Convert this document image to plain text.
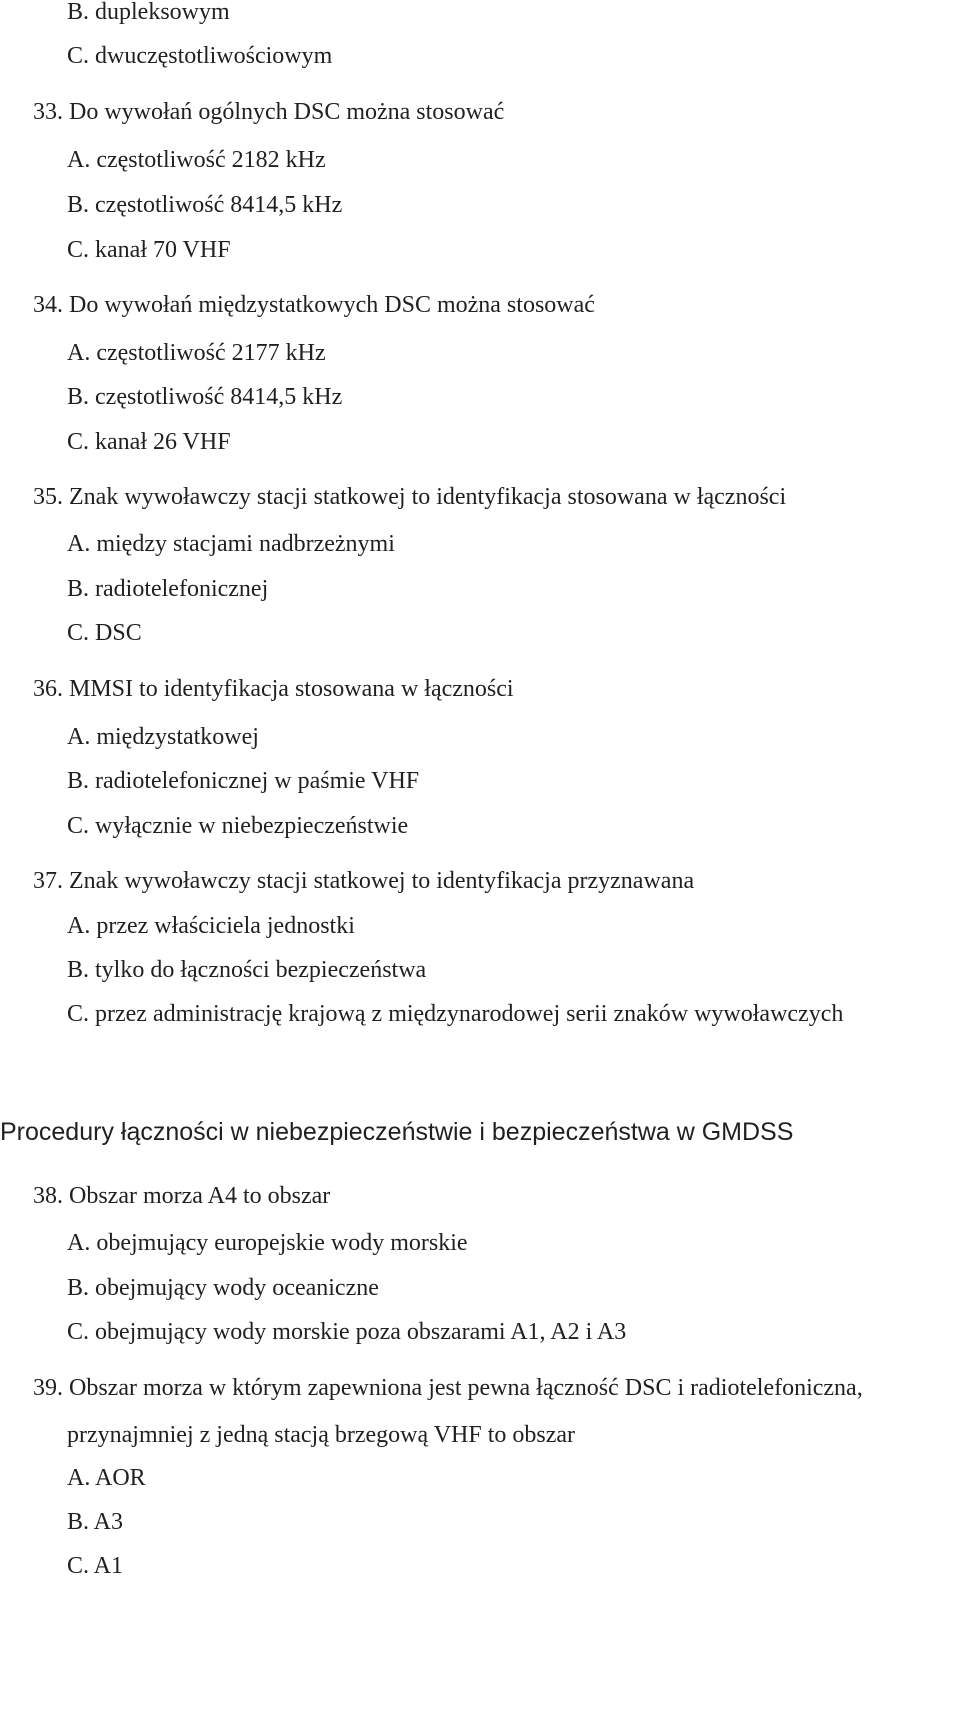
B. dupleksowym

C. dwuczęstotliwościowym

33. Do wywołań ogólnych DSC można stosować

A. częstotliwość 2182 kHz

B. częstotliwość 8414,5 kHz

C. kanał 70 VHF

34. Do wywołań międzystatkowych DSC można stosować

A. częstotliwość 2177 kHz

B. częstotliwość 8414,5 kHz

C. kanał 26 VHF

35. Znak wywoławczy stacji statkowej to identyfikacja stosowana w łączności

A. między stacjami nadbrzeżnymi

B. radiotelefonicznej

C. DSC

36. MMSI to identyfikacja stosowana w łączności

A. międzystatkowej

B. radiotelefonicznej w paśmie VHF

C. wyłącznie w niebezpieczeństwie

37. Znak wywoławczy stacji statkowej to identyfikacja przyznawana

A. przez właściciela jednostki

B. tylko do łączności bezpieczeństwa

C. przez administrację krajową z międzynarodowej serii znaków wywoławczych

Procedury łączności w niebezpieczeństwie i bezpieczeństwa w GMDSS

38. Obszar morza A4 to obszar

A. obejmujący europejskie wody morskie

B. obejmujący wody oceaniczne

C. obejmujący wody morskie poza obszarami A1, A2 i A3

39. Obszar morza w którym zapewniona jest pewna łączność DSC i radiotelefoniczna,

przynajmniej z jedną stacją brzegową VHF to obszar

A. AOR

B. A3

C. A1
